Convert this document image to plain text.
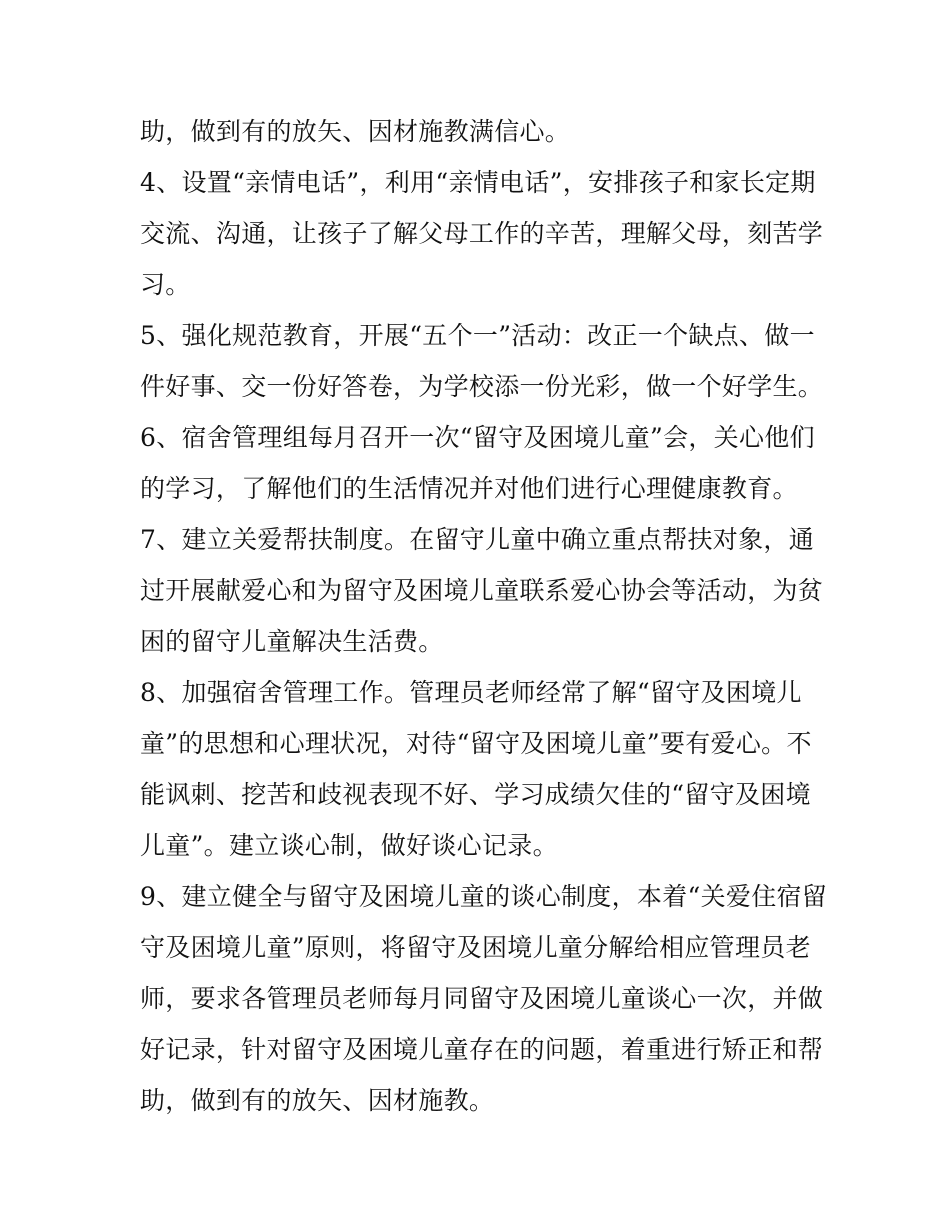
助，做到有的放矢、因材施教满信心。
4、设置“亲情电话”，利用“亲情电话”，安排孩子和家长定期
交流、沟通，让孩子了解父母工作的辛苦，理解父母，刻苦学
习。
5、强化规范教育，开展“五个一”活动：改正一个缺点、做一
件好事、交一份好答卷，为学校添一份光彩，做一个好学生。
6、宿舍管理组每月召开一次“留守及困境儿童”会，关心他们
的学习，了解他们的生活情况并对他们进行心理健康教育。
7、建立关爱帮扶制度。在留守儿童中确立重点帮扶对象，通
过开展献爱心和为留守及困境儿童联系爱心协会等活动，为贫
困的留守儿童解决生活费。
8、加强宿舍管理工作。管理员老师经常了解“留守及困境儿
童”的思想和心理状况，对待“留守及困境儿童”要有爱心。不
能讽刺、挖苦和歧视表现不好、学习成绩欠佳的“留守及困境
儿童”。建立谈心制，做好谈心记录。
9、建立健全与留守及困境儿童的谈心制度，本着“关爱住宿留
守及困境儿童”原则，将留守及困境儿童分解给相应管理员老
师，要求各管理员老师每月同留守及困境儿童谈心一次，并做
好记录，针对留守及困境儿童存在的问题，着重进行矫正和帮
助，做到有的放矢、因材施教。
